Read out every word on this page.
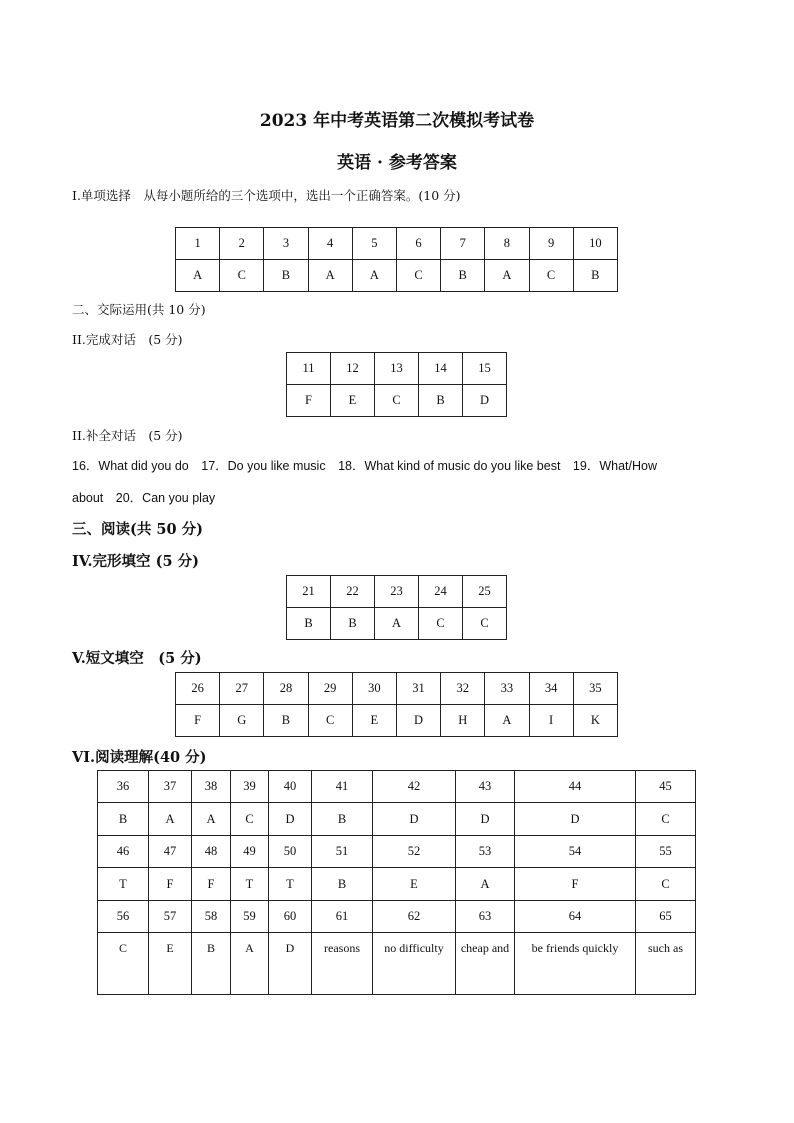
2023 年中考英语第二次模拟考试卷
英语 · 参考答案
I.单项选择　从每小题所给的三个选项中，选出一个正确答案。(10 分)
1	2	3	4	5	6	7	8	9	10
A	C	B	A	A	C	B	A	C	B
二、交际运用(共 10 分)
II.完成对话　(5 分)
11	12	13	14	15
F	E	C	B	D
II.补全对话　(5 分)
16．What did you do　17．Do you like music　18．What kind of music do you like best　19．What/How
about　20．Can you play
三、阅读(共 50 分)
IV.完形填空 (5 分)
21	22	23	24	25
B	B	A	C	C
V.短文填空　(5 分)
26	27	28	29	30	31	32	33	34	35
F	G	B	C	E	D	H	A	I	K
VI.阅读理解(40 分)
36	37	38	39	40	41	42	43	44	45
B	A	A	C	D	B	D	D	D	C
46	47	48	49	50	51	52	53	54	55
T	F	F	T	T	B	E	A	F	C
56	57	58	59	60	61	62	63	64	65
C	E	B	A	D	reasons	no difficulty	cheap and	be friends quickly	such as
